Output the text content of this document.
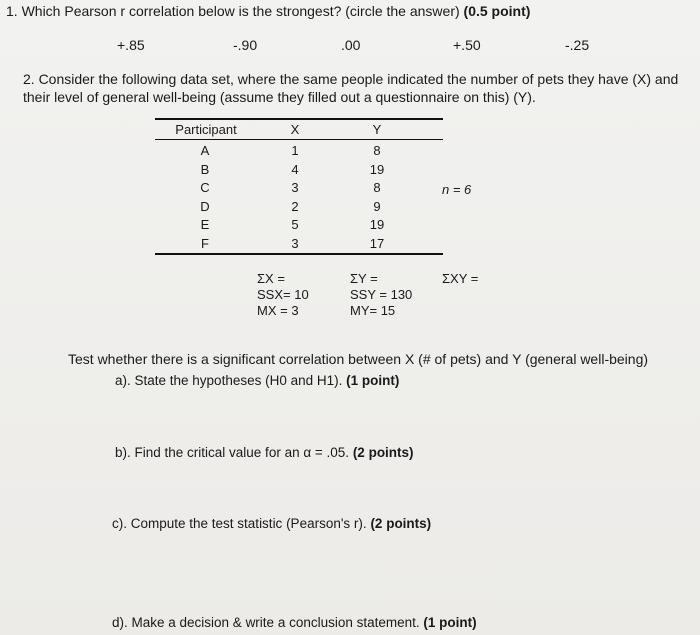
1. Which Pearson r correlation below is the strongest? (circle the answer) (0.5 point)
+.85	-.90	.00	+.50	-.25

2. Consider the following data set, where the same people indicated the number of pets they have (X) and

their level of general well-being (assume they filled out a questionnaire on this) (Y).

Participant	X	Y
A	1	8
B	4	19
C	3	8
D	2	9
E	5	19
F	3	17
n = 6
ΣX =
SSX= 10
MX = 3
ΣY =
SSY = 130
MY= 15
ΣXY =
Test whether there is a significant correlation between X (# of pets) and Y (general well-being)
a). State the hypotheses (H0 and H1). (1 point)
b). Find the critical value for an α = .05. (2 points)
c). Compute the test statistic (Pearson's r). (2 points)
d). Make a decision & write a conclusion statement. (1 point)
